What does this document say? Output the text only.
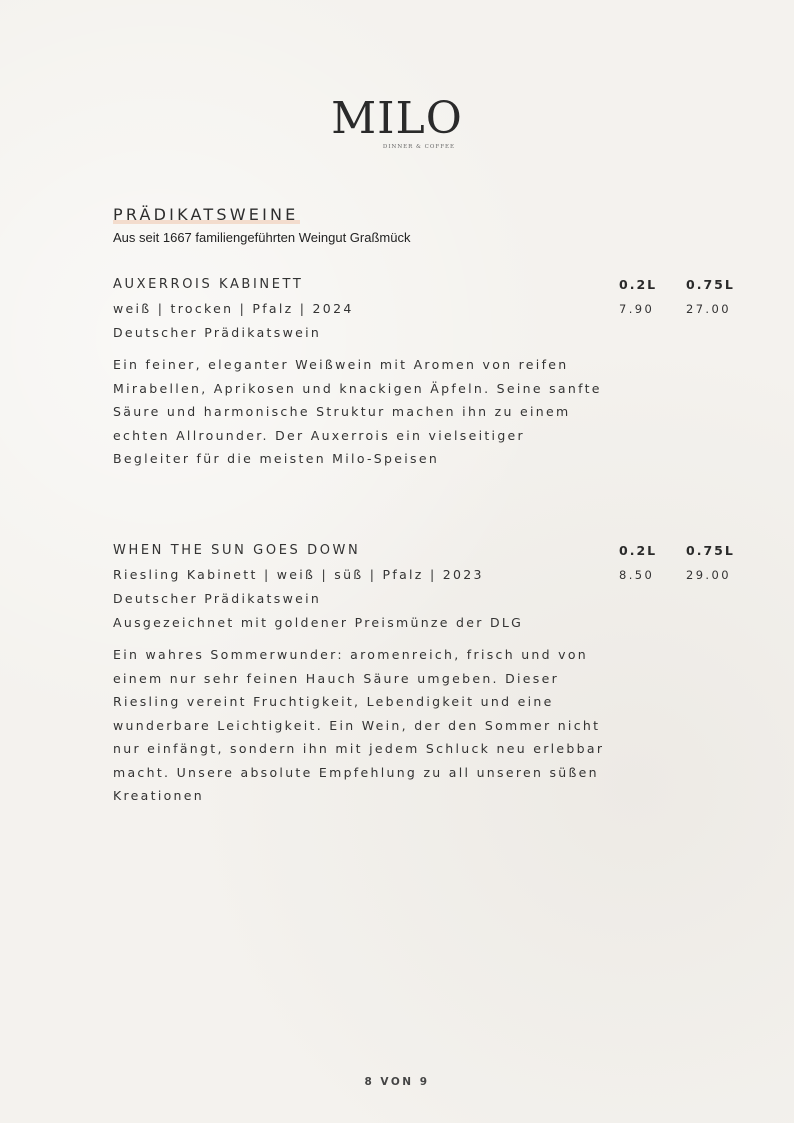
MILO
DINNER & COFFEE
PRÄDIKATSWEINE
Aus seit 1667 familiengeführten Weingut Graßmück
AUXERROIS KABINETT
weiß | trocken | Pfalz | 2024
Deutscher Prädikatswein
Ein feiner, eleganter Weißwein mit Aromen von reifen Mirabellen, Aprikosen und knackigen Äpfeln. Seine sanfte Säure und harmonische Struktur machen ihn zu einem echten Allrounder. Der Auxerrois ein vielseitiger Begleiter für die meisten Milo-Speisen
0.2L	0.75L
7.90	27.00
WHEN THE SUN GOES DOWN
Riesling Kabinett | weiß | süß | Pfalz | 2023
Deutscher Prädikatswein
Ausgezeichnet mit goldener Preismünze der DLG
Ein wahres Sommerwunder: aromenreich, frisch und von einem nur sehr feinen Hauch Säure umgeben. Dieser Riesling vereint Fruchtigkeit, Lebendigkeit und eine wunderbare Leichtigkeit. Ein Wein, der den Sommer nicht nur einfängt, sondern ihn mit jedem Schluck neu erlebbar macht. Unsere absolute Empfehlung zu all unseren süßen Kreationen
0.2L	0.75L
8.50	29.00
8 VON 9
